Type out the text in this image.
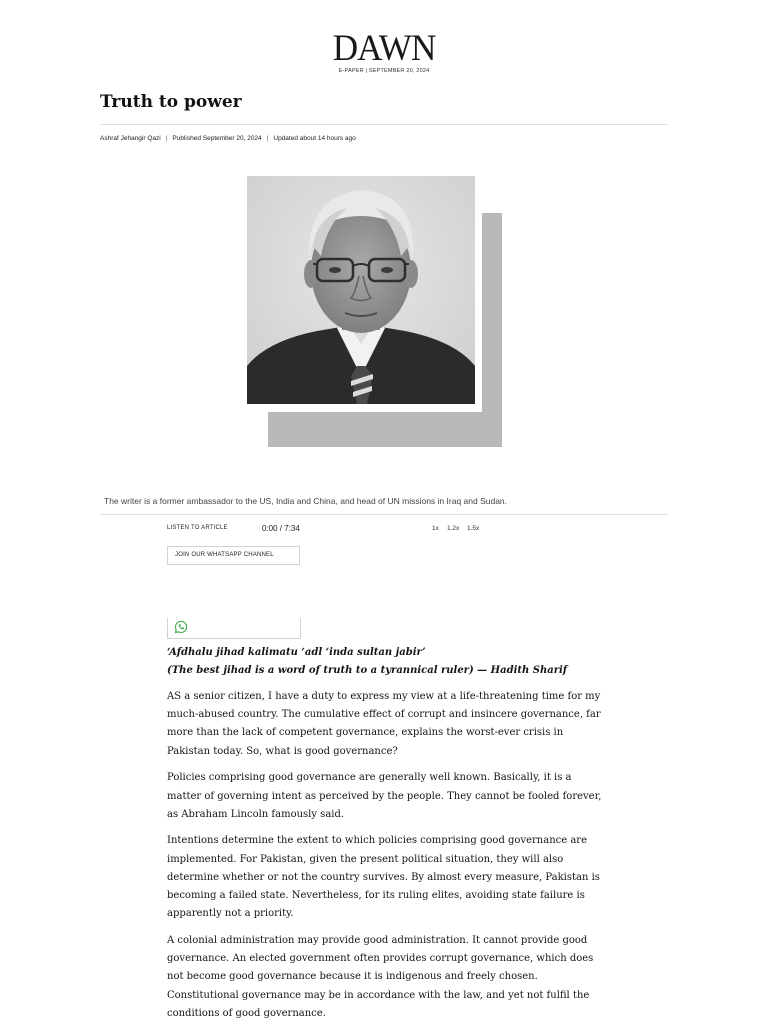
DAWN
E-PAPER | SEPTEMBER 20, 2024
Truth to power
Ashraf Jehangir Qazi | Published September 20, 2024 | Updated about 14 hours ago
The writer is a former ambassador to the US, India and China, and head of UN missions in Iraq and Sudan.
LISTEN TO ARTICLE	0:00 / 7:34	1x 1.2x 1.5x
JOIN OUR WHATSAPP CHANNEL
‘Afdhalu jihad kalimatu ‘adl ‘inda sultan jabir’
(The best jihad is a word of truth to a tyrannical ruler) — Hadith Sharif

AS a senior citizen, I have a duty to express my view at a life-threatening time for my much-abused country. The cumulative effect of corrupt and insincere governance, far more than the lack of competent governance, explains the worst-ever crisis in Pakistan today. So, what is good governance?

Policies comprising good governance are generally well known. Basically, it is a matter of governing intent as perceived by the people. They cannot be fooled forever, as Abraham Lincoln famously said.

Intentions determine the extent to which policies comprising good governance are implemented. For Pakistan, given the present political situation, they will also determine whether or not the country survives. By almost every measure, Pakistan is becoming a failed state. Nevertheless, for its ruling elites, avoiding state failure is apparently not a priority.

A colonial administration may provide good administration. It cannot provide good governance. An elected government often provides corrupt governance, which does not become good governance because it is indigenous and freely chosen. Constitutional governance may be in accordance with the law, and yet not fulfil the conditions of good governance.
